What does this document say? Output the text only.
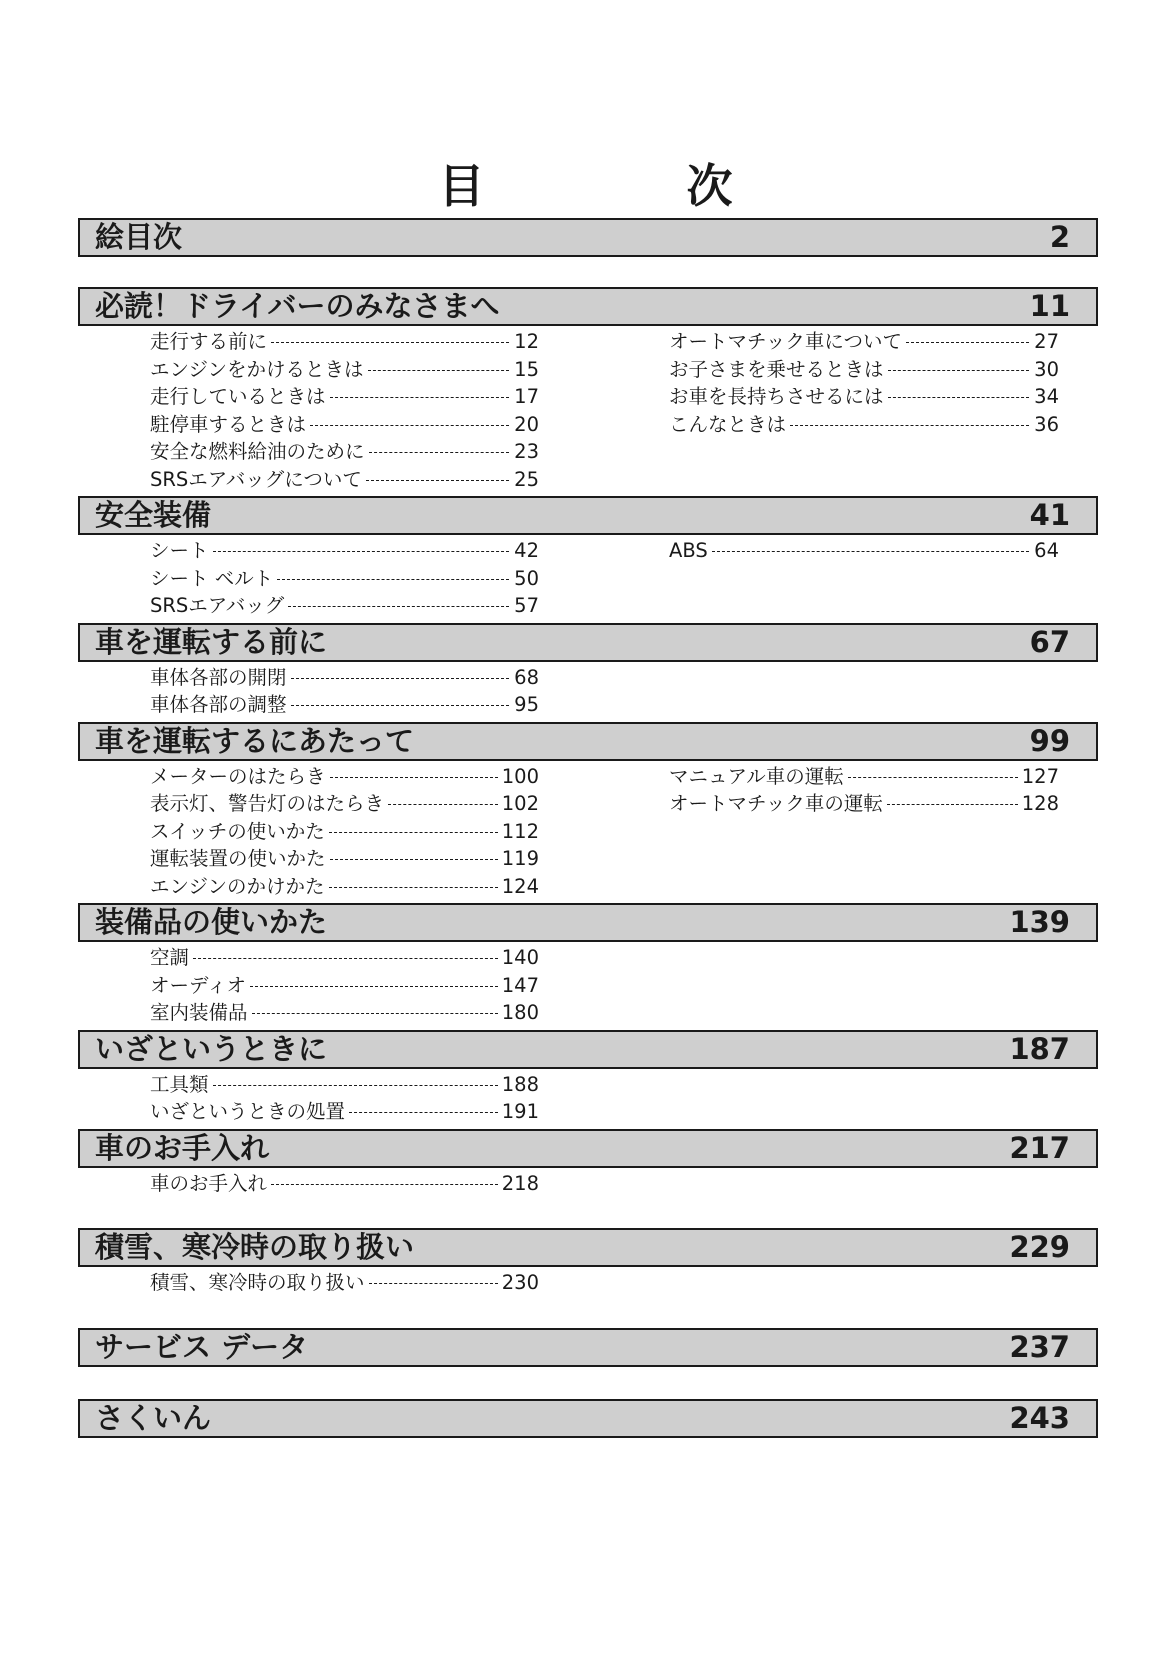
目	次
絵目次	2
必読！ドライバーのみなさまへ	11
走行する前に	12
エンジンをかけるときは	15
走行しているときは	17
駐停車するときは	20
安全な燃料給油のために	23
SRSエアバッグについて	25
オートマチック車について	27
お子さまを乗せるときは	30
お車を長持ちさせるには	34
こんなときは	36
安全装備	41
シート	42
シート ベルト	50
SRSエアバッグ	57
ABS	64
車を運転する前に	67
車体各部の開閉	68
車体各部の調整	95
車を運転するにあたって	99
メーターのはたらき	100
表示灯、警告灯のはたらき	102
スイッチの使いかた	112
運転装置の使いかた	119
エンジンのかけかた	124
マニュアル車の運転	127
オートマチック車の運転	128
装備品の使いかた	139
空調	140
オーディオ	147
室内装備品	180
いざというときに	187
工具類	188
いざというときの処置	191
車のお手入れ	217
車のお手入れ	218
積雪、寒冷時の取り扱い	229
積雪、寒冷時の取り扱い	230
サービス データ	237
さくいん	243
